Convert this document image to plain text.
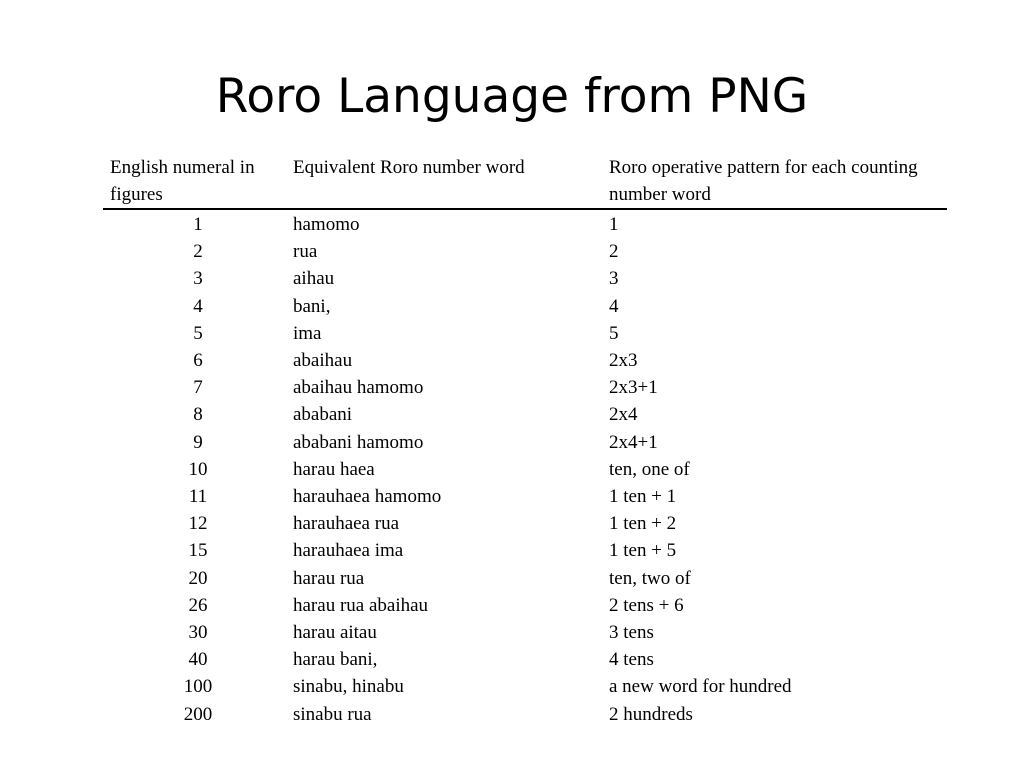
Roro Language from PNG
English numeral in figures	Equivalent Roro number word	Roro operative pattern for each counting number word
1	hamomo	1
2	rua	2
3	aihau	3
4	bani,	4
5	ima	5
6	abaihau	2x3
7	abaihau hamomo	2x3+1
8	ababani	2x4
9	ababani hamomo	2x4+1
10	harau haea	ten, one of
11	harauhaea hamomo	1 ten + 1
12	harauhaea rua	1 ten + 2
15	harauhaea ima	1 ten + 5
20	harau rua	ten, two of
26	harau rua abaihau	2 tens + 6
30	harau aitau	3 tens
40	harau bani,	4 tens
100	sinabu, hinabu	a new word for hundred
200	sinabu rua	2 hundreds
